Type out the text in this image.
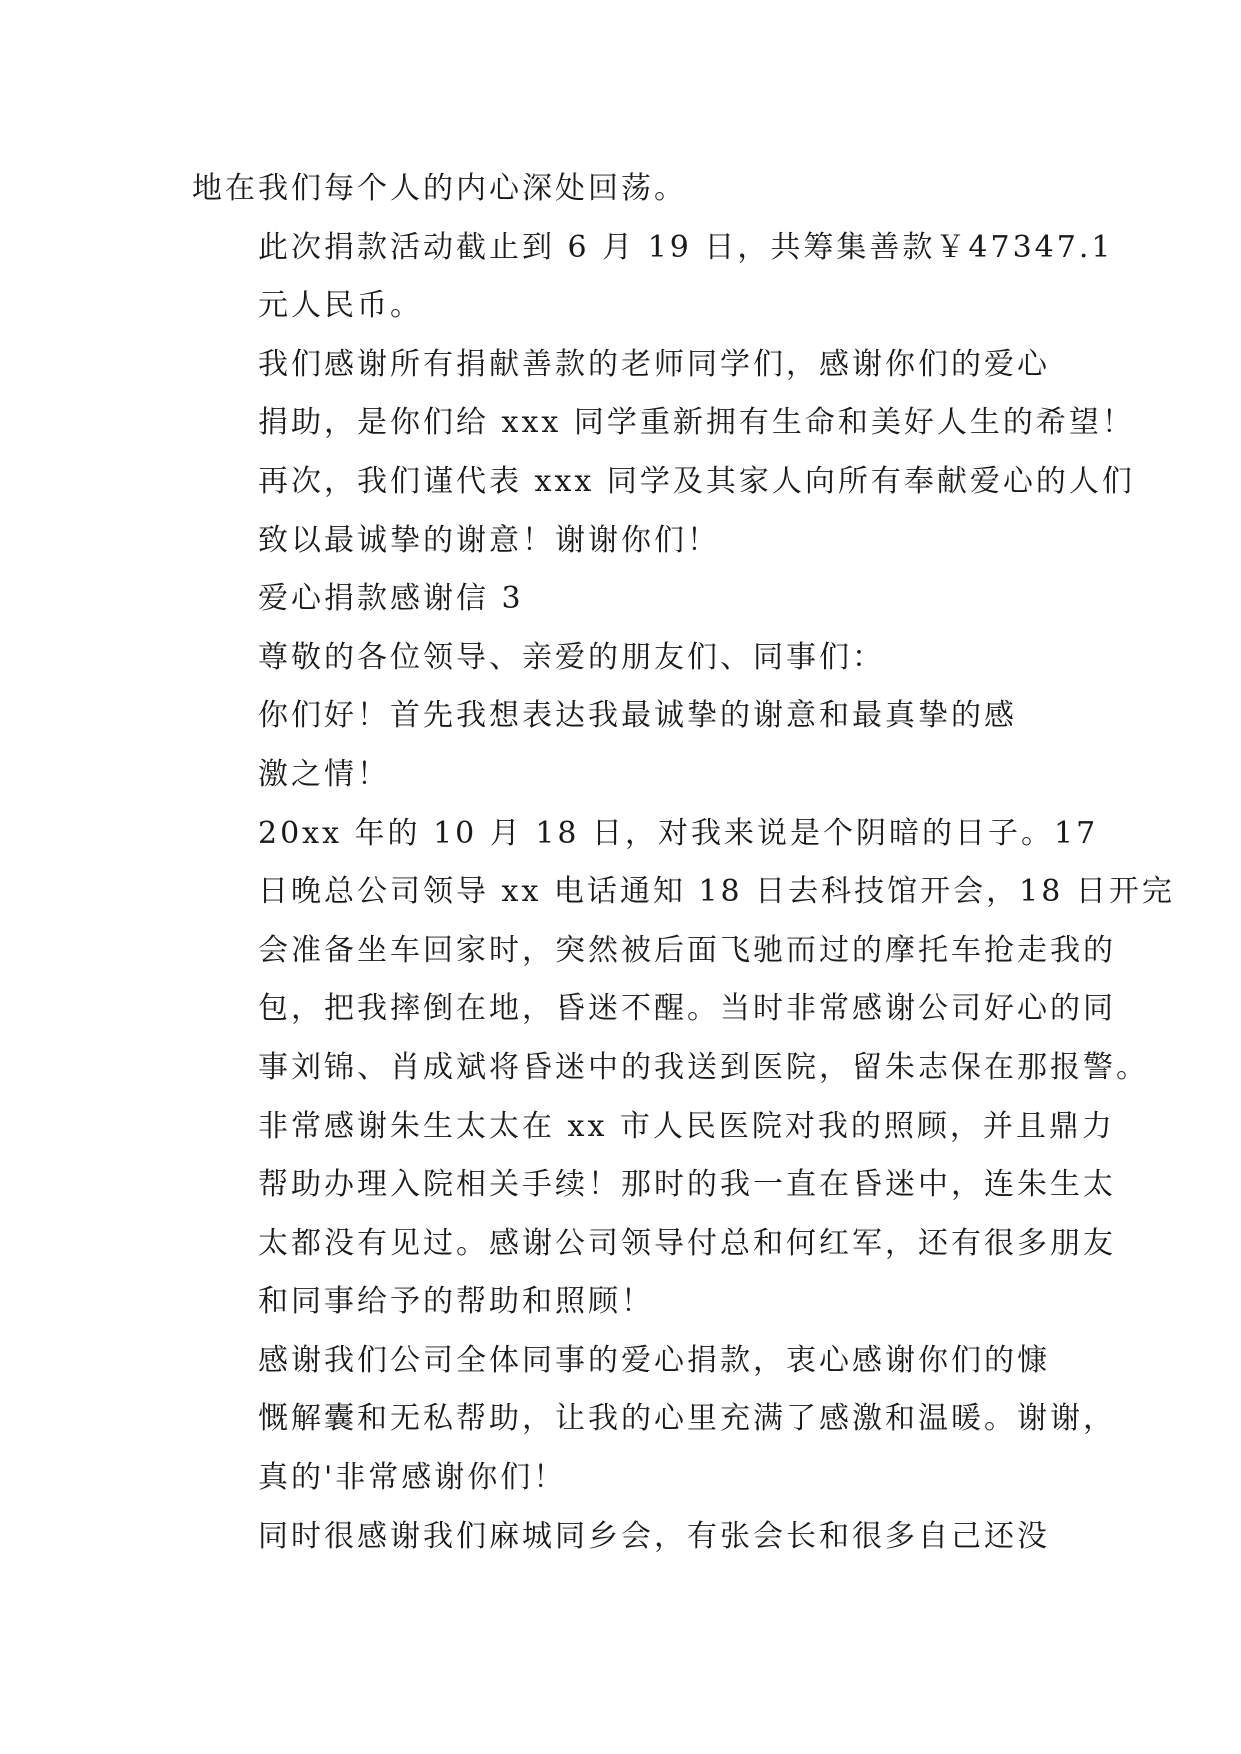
地在我们每个人的内心深处回荡。

此次捐款活动截止到 6 月 19 日，共筹集善款￥47347.1
元人民币。

我们感谢所有捐献善款的老师同学们，感谢你们的爱心
捐助，是你们给 xxx 同学重新拥有生命和美好人生的希望！
再次，我们谨代表 xxx 同学及其家人向所有奉献爱心的人们
致以最诚挚的谢意！谢谢你们！

爱心捐款感谢信 3

尊敬的各位领导、亲爱的朋友们、同事们：

你们好！首先我想表达我最诚挚的谢意和最真挚的感
激之情！

20xx 年的 10 月 18 日，对我来说是个阴暗的日子。17
日晚总公司领导 xx 电话通知 18 日去科技馆开会，18 日开完
会准备坐车回家时，突然被后面飞驰而过的摩托车抢走我的
包，把我摔倒在地，昏迷不醒。当时非常感谢公司好心的同
事刘锦、肖成斌将昏迷中的我送到医院，留朱志保在那报警。
非常感谢朱生太太在 xx 市人民医院对我的照顾，并且鼎力
帮助办理入院相关手续！那时的我一直在昏迷中，连朱生太
太都没有见过。感谢公司领导付总和何红军，还有很多朋友
和同事给予的帮助和照顾！

感谢我们公司全体同事的爱心捐款，衷心感谢你们的慷
慨解囊和无私帮助，让我的心里充满了感激和温暖。谢谢，
真的'非常感谢你们！

同时很感谢我们麻城同乡会，有张会长和很多自己还没
